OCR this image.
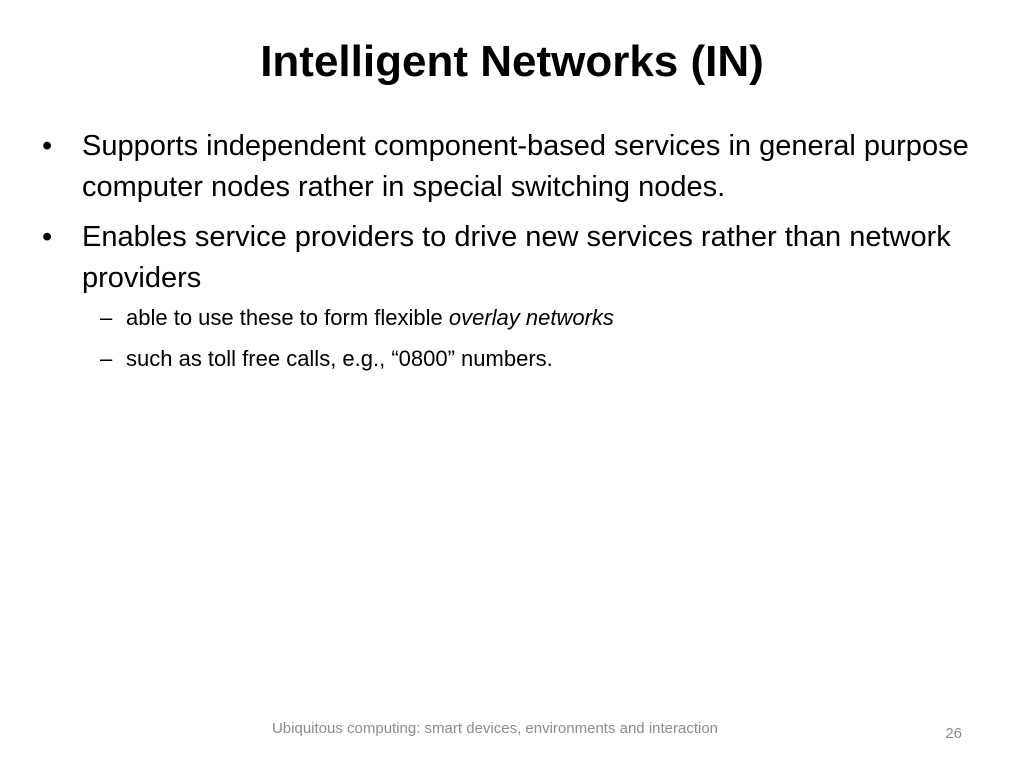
Intelligent Networks (IN)
• Supports independent component-based services in general purpose computer nodes rather in special switching nodes.
• Enables service providers to drive new services rather than network providers
– able to use these to form flexible overlay networks
– such as toll free calls, e.g., “0800” numbers.
Ubiquitous computing: smart devices, environments and interaction	26
